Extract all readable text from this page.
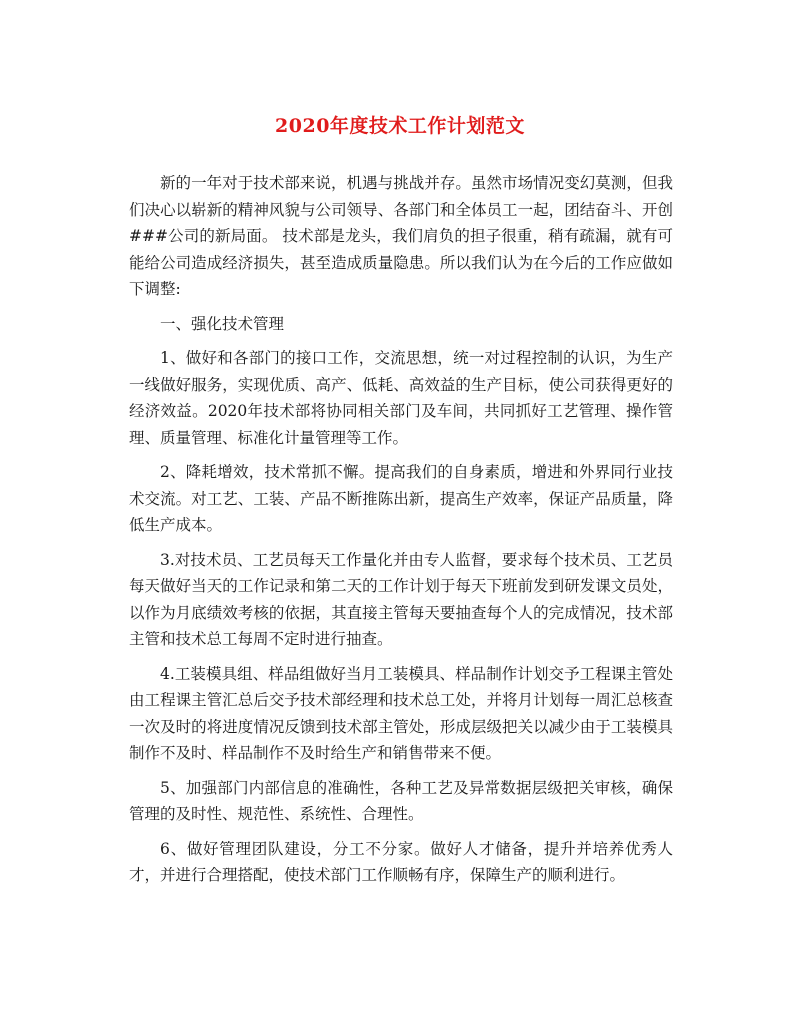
2020年度技术工作计划范文

新的一年对于技术部来说，机遇与挑战并存。虽然市场情况变幻莫测，但我们决心以崭新的精神风貌与公司领导、各部门和全体员工一起，团结奋斗、开创###公司的新局面。 技术部是龙头，我们肩负的担子很重，稍有疏漏，就有可能给公司造成经济损失，甚至造成质量隐患。所以我们认为在今后的工作应做如下调整:

一、强化技术管理

1、做好和各部门的接口工作，交流思想，统一对过程控制的认识，为生产一线做好服务，实现优质、高产、低耗、高效益的生产目标，使公司获得更好的经济效益。2020年技术部将协同相关部门及车间，共同抓好工艺管理、操作管理、质量管理、标准化计量管理等工作。

2、降耗增效，技术常抓不懈。提高我们的自身素质，增进和外界同行业技术交流。对工艺、工装、产品不断推陈出新，提高生产效率，保证产品质量，降低生产成本。

3.对技术员、工艺员每天工作量化并由专人监督，要求每个技术员、工艺员每天做好当天的工作记录和第二天的工作计划于每天下班前发到研发课文员处，以作为月底绩效考核的依据，其直接主管每天要抽查每个人的完成情况，技术部主管和技术总工每周不定时进行抽查。

4.工装模具组、样品组做好当月工装模具、样品制作计划交予工程课主管处由工程课主管汇总后交予技术部经理和技术总工处，并将月计划每一周汇总核查一次及时的将进度情况反馈到技术部主管处，形成层级把关以减少由于工装模具制作不及时、样品制作不及时给生产和销售带来不便。

5、加强部门内部信息的准确性，各种工艺及异常数据层级把关审核，确保管理的及时性、规范性、系统性、合理性。

6、做好管理团队建设，分工不分家。做好人才储备，提升并培养优秀人才，并进行合理搭配，使技术部门工作顺畅有序，保障生产的顺利进行。
